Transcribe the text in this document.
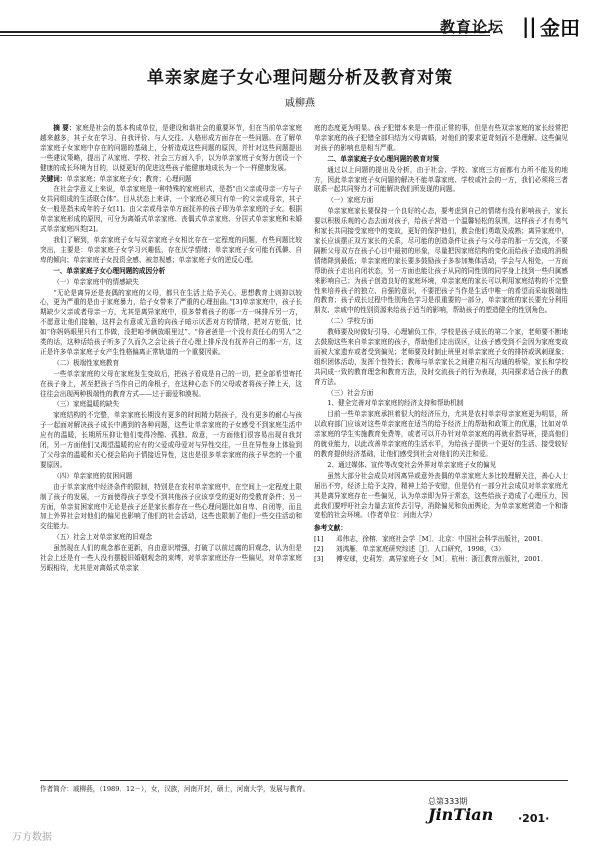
教育论坛 || 金田
单亲家庭子女心理问题分析及教育对策
戚柳燕

摘 要：家庭是社会的基本构成单位，是建设和谐社会的重要环节，但在当前单亲家庭越来越多，其子女在学习、自我评价、与人交往、人格形成方面存在一些问题。在了解单亲家庭子女家庭中存在的问题的基础上，分析造成这些问题的原因，并针对这些问题提出一些建议策略，提出了从家庭、学校、社会三方面入手，以为单亲家庭子女努力创设一个健康的成长环境为目的，以便更好的促进这些孩子能健康地成长为一个一样健康发展。

关键词：单亲家庭；单亲家庭子女；教育；心理问题

在社会学意义上来说，单亲家庭是一种特殊的家庭形式，是指“由父亲或母亲一方与子女共同组成的生活联合体”。目从状态上来讲，一个家庭必须只有单一的父亲或母亲，其子女一般是指未成年的子女[1]。由父亲或母亲单方面抚养的孩子即为单亲家庭的子女。根据单亲家庭形成的原因，可分为离婚式单亲家庭、丧偶式单亲家庭、分居式单亲家庭和未婚式单亲家庭四类[2]。

我们了解到，单亲家庭子女与双亲家庭子女相比存在一定程度的问题，有些问题比较突出，主要是：单亲家庭子女学习兴趣低，存在厌学情绪；单亲家庭子女可能有孤僻、自卑的倾向；单亲家庭子女投资全感、被忽视感；单亲家庭子女的逆反心理。

一、单亲家庭子女心理问题的成因分析

（一）单亲家庭中的情感缺失

“无论是离异还是丧偶的家庭的父母，都只在生活上给予关心，思想教育上则抑以较心，更为严重的是由于家庭暴力，给子女带来了严重的心理扭曲。”[3]单亲家庭中，孩子长期缺少父亲或者母亲一方，尤其是离异家庭中，很多带着孩子的那一方一味排斥另一方，不愿意让他们接触，这样会有意或无意的向孩子暗示厌恶对方的情绪，把对方贬低，比如“你妈妈眼里只有工作做，没把咱爷俩放眼里过”、“你爸爸是一个没有责任心的男人”之类的话，这种话给孩子听多了久而久之会让孩子在心理上排斥没有抚养自己的那一方，这正是许多单亲家庭子女产生性格偏离正常轨道的一个重要因素。

（二）极端性家庭教育

一些单亲家庭的父母在家庭发生变故后，把孩子看成是自己的一切，把全部希望寄托在孩子身上，甚至把孩子当作自己的命根子，在这种心态下的父母或者将孩子捧上天，这往往会出现两种极端性的教育方式——过于溺爱和漠视。

（三）家庭温暖的缺失

家庭结构的不完整，单亲家庭长期没有更多的时间精力陪孩子，没有更多的耐心与孩子一起面对解决孩子成长中遇到的各种问题，这些让单亲家庭的子女感受不到家庭生活中应有的温暖，长期所压抑让他们变得冷酷、孤独、敌意，一方面他们很容易出现自我封闭，另一方面他们又渴望温暖的应有的父爱或母爱对与异性交往，一旦在异性身上体验到了父母亲的温暖和关心便会陷向于情接近异性，这也是很多单亲家庭的孩子早恋的一个重要原因。

（四）单亲家庭的贫困问题

由于单亲家庭中经济条件的限制，特别是在农村单亲家庭中，在空间上一定程度上限制了孩子的发展，一方面使得孩子享受不到其他孩子应该享受的更好的受教育条件；另一方面，单亲贫困家庭中无论是孩子还是家长都存在一些心理问题比如自卑、自闭等，而且加上外界社会对他们的偏见也影响了他们的社会活动，这些也限制了他们一些交往活动和交往能力。

（五）社会上对单亲家庭的旧观念

虽然现在人们的观念都在更新，自由意识增强，打破了以前过腐的旧观念，认为但是社会上还是有一些人没有摆脱旧婚姻观念的束缚，对单亲家庭还存一些偏见，对单亲家庭另眼相待，尤其是对离婚式单亲家

庭的态度更为明显。孩子犯错本来是一件很正常的事，但是有些双亲家庭的家长经常把单亲家庭的孩子犯错全部归结为父母离婚，对他们的要求更苛刻而不是理解。这些偏见对孩子的影响也是相当严重。

二、单亲家庭子女心理问题的教育对策

通过以上问题的提出及分析，由于社会、学校、家庭三方面都有力所不能及的地方，因此单亲家庭子女问题的解决不能单靠家庭、学校或社会的一方，我们必须将三者联系一起共同努力才可能解决我们所发现的问题。

（一）家庭方面

单亲家庭家长要保持一个良好的心态，要考虑到自己的情绪有没有影响孩子，家长要以积极乐观的心态去面对孩子，给孩子营造一个温馨轻松的氛围，这样孩子才有勇气和家长共同接受家庭中的变故，更好的保护他们，教会他们勇敢及成熟；离异家庭中，家长应该摆正双方家长的关系，尽可能的创造条件让孩子与父母亲的那一方交流，不要隔断父母双方在孩子心目中最初的形象，尽量把因家庭结构的变化而给孩子造成的消极情绪降到最低；单亲家庭的家长要多鼓励孩子多参加集体活动，学会与人相处，一方面帮助孩子走出自闭状态，另一方面也能让孩子从同的同性别的同学身上找到一些归属感来影响自己；为孩子创造良好的家庭环境，单亲家庭的家长可以利用家庭结构的不完整性来培养孩子的独立、自强的意识，不要把孩子当作是生活中唯一的希望而采取极端性的教育；孩子成长过程中性别角色学习是很重要的一部分，单亲家庭的家长要充分利用朋友、亲戚中的性别资源来给孩子适当的影响，帮助孩子的塑造健全的性别角色。

（二）学校方面

教师要及时做好引导、心理辅负工作，学校是孩子成长的第二个家，老师要不断地去鼓励这些来自单亲家庭的孩子，帮助他们走出误区，让孩子感受到不会因为家庭变故而被大家遗弃或者受到偏见；老师要及时制止班里对单亲家庭子女的排挤或讽刺现象；组织团体活动，发挥个性特长；教师与单亲家长之间建立相互沟通的桥梁，家长和学校共同成一致的教育理念和教育方法，及时交流孩子的行为表现，共同探求适合孩子的教育方法。

（三）社会方面

1、健全完善对单亲家庭的经济支持和帮助机制

目前一些单亲家庭承担着很大的经济压力，尤其是农村单亲母亲家庭更为明显，所以政府部门应该对这些单亲家庭在适当的给予经济上的帮助和政策上的优惠，比如对单亲家庭的学生实施教育免费等，或者可以开办针对单亲家庭的再就业指导班，提高他们的就业能力，以此改善单亲家庭的生活水平，为给孩子提供一个更好的生活、接受较好的教育提供经济基础，让他们感受到社会对他们的关注和爱。

2、通过媒体、宣传等改变社会外界对单亲家庭子女的偏见

虽然大部分社会成员对因离异或意外丧偶的单亲家庭大多比较理解关注，善心人士届出不穷，经济上给予支持，精神上给予安慰，但是仍有一部分社会成员对单亲家庭尤其是离异家庭存在一些偏见，认为单亲即为异于常态，这些给孩子造成了心理压力，因此我们要呼吁社会力量去宣传去引导，消除偏见和负面舆论，为单亲家庭营造一个和谐宽松的社会环境。（作者单位：河南大学）

参考文献：

[1]	邓伟志，徐榕．家庭社会学［M］．北京：中国社会科学出版社，2001．
[2]	刘鸿雁．单亲家庭研究综述［J］．人口研究，1998，（3）
[3]	傅安球，史莉芳．离异家庭子女［M］．杭州：浙江教育出版社，2001．
作者简介：戚柳燕，（1989．12－），女，汉族，河南开封，硕士，河南大学，发展与教育。
总第333期
JinTian ·201·
万方数据
